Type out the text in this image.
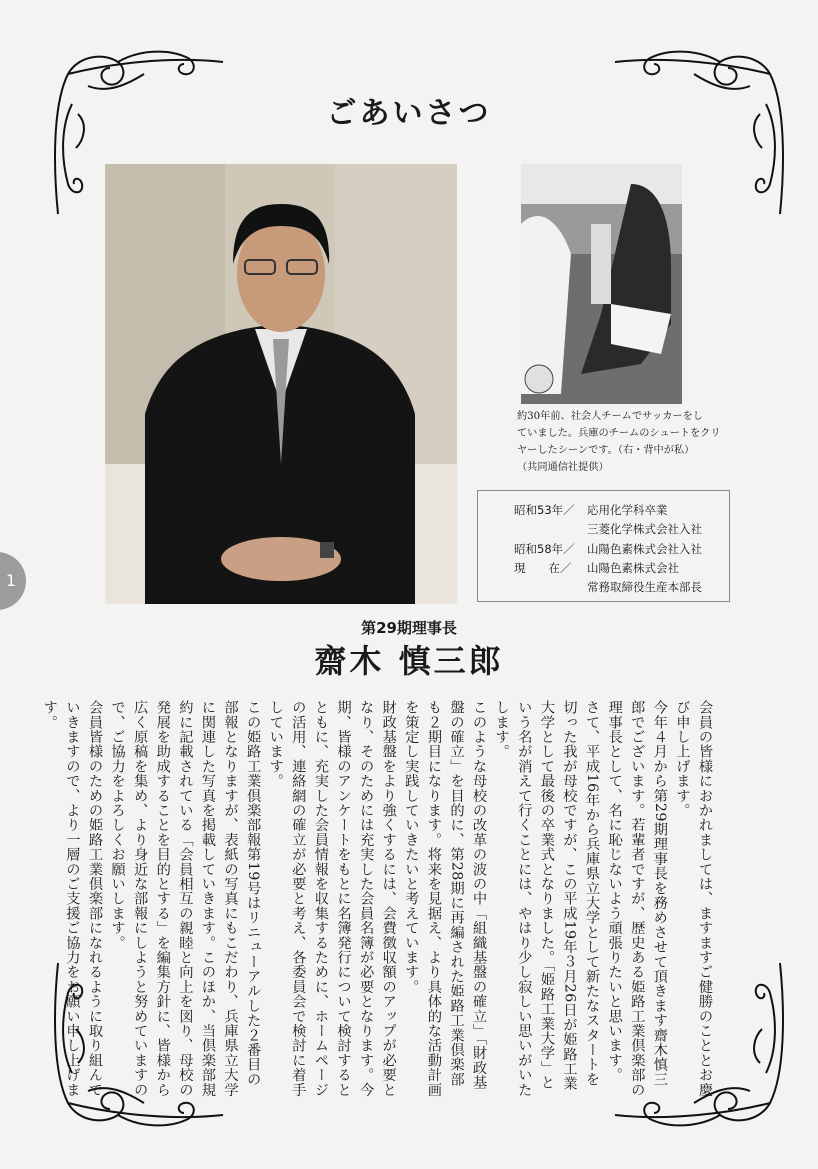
ごあいさつ
約30年前、社会人チームでサッカーをし
ていました。兵庫のチームのシュートをクリ
ヤーしたシーンです。（右・背中が私）
（共同通信社提供）
昭和53年／ 応用化学科卒業
三菱化学株式会社入社
昭和58年／ 山陽色素株式会社入社
現　　在／ 山陽色素株式会社
常務取締役生産本部長
1
第29期理事長
齋木 慎三郎

会員の皆様におかれましては、ますますご健勝のこととお慶び申し上げます。

今年４月から第29期理事長を務めさせて頂きます齋木慎三郎でございます。若輩者ですが、歴史ある姫路工業倶楽部の理事長として、名に恥じないよう頑張りたいと思います。

さて、平成16年から兵庫県立大学として新たなスタートを切った我が母校ですが、この平成19年３月26日が姫路工業大学として最後の卒業式となりました。「姫路工業大学」という名が消えて行くことには、やはり少し寂しい思いがいたします。

このような母校の改革の波の中「組織基盤の確立」「財政基盤の確立」を目的に、第28期に再編された姫路工業倶楽部も２期目になります。将来を見据え、より具体的な活動計画を策定し実践していきたいと考えています。

財政基盤をより強くするには、会費徴収額のアップが必要となり、そのためには充実した会員名簿が必要となります。今期、皆様のアンケートをもとに名簿発行について検討するとともに、充実した会員情報を収集するために、ホームページの活用、連絡網の確立が必要と考え、各委員会で検討に着手しています。

この姫路工業倶楽部報第19号はリニューアルした２番目の部報となりますが、表紙の写真にもこだわり、兵庫県立大学に関連した写真を掲載していきます。このほか、当倶楽部規約に記載されている「会員相互の親睦と向上を図り、母校の発展を助成することを目的とする」を編集方針に、皆様から広く原稿を集め、より身近な部報にしようと努めていますので、ご協力をよろしくお願いします。

会員皆様のための姫路工業倶楽部になれるように取り組んでいきますので、より一層のご支援ご協力をお願い申し上げます。
